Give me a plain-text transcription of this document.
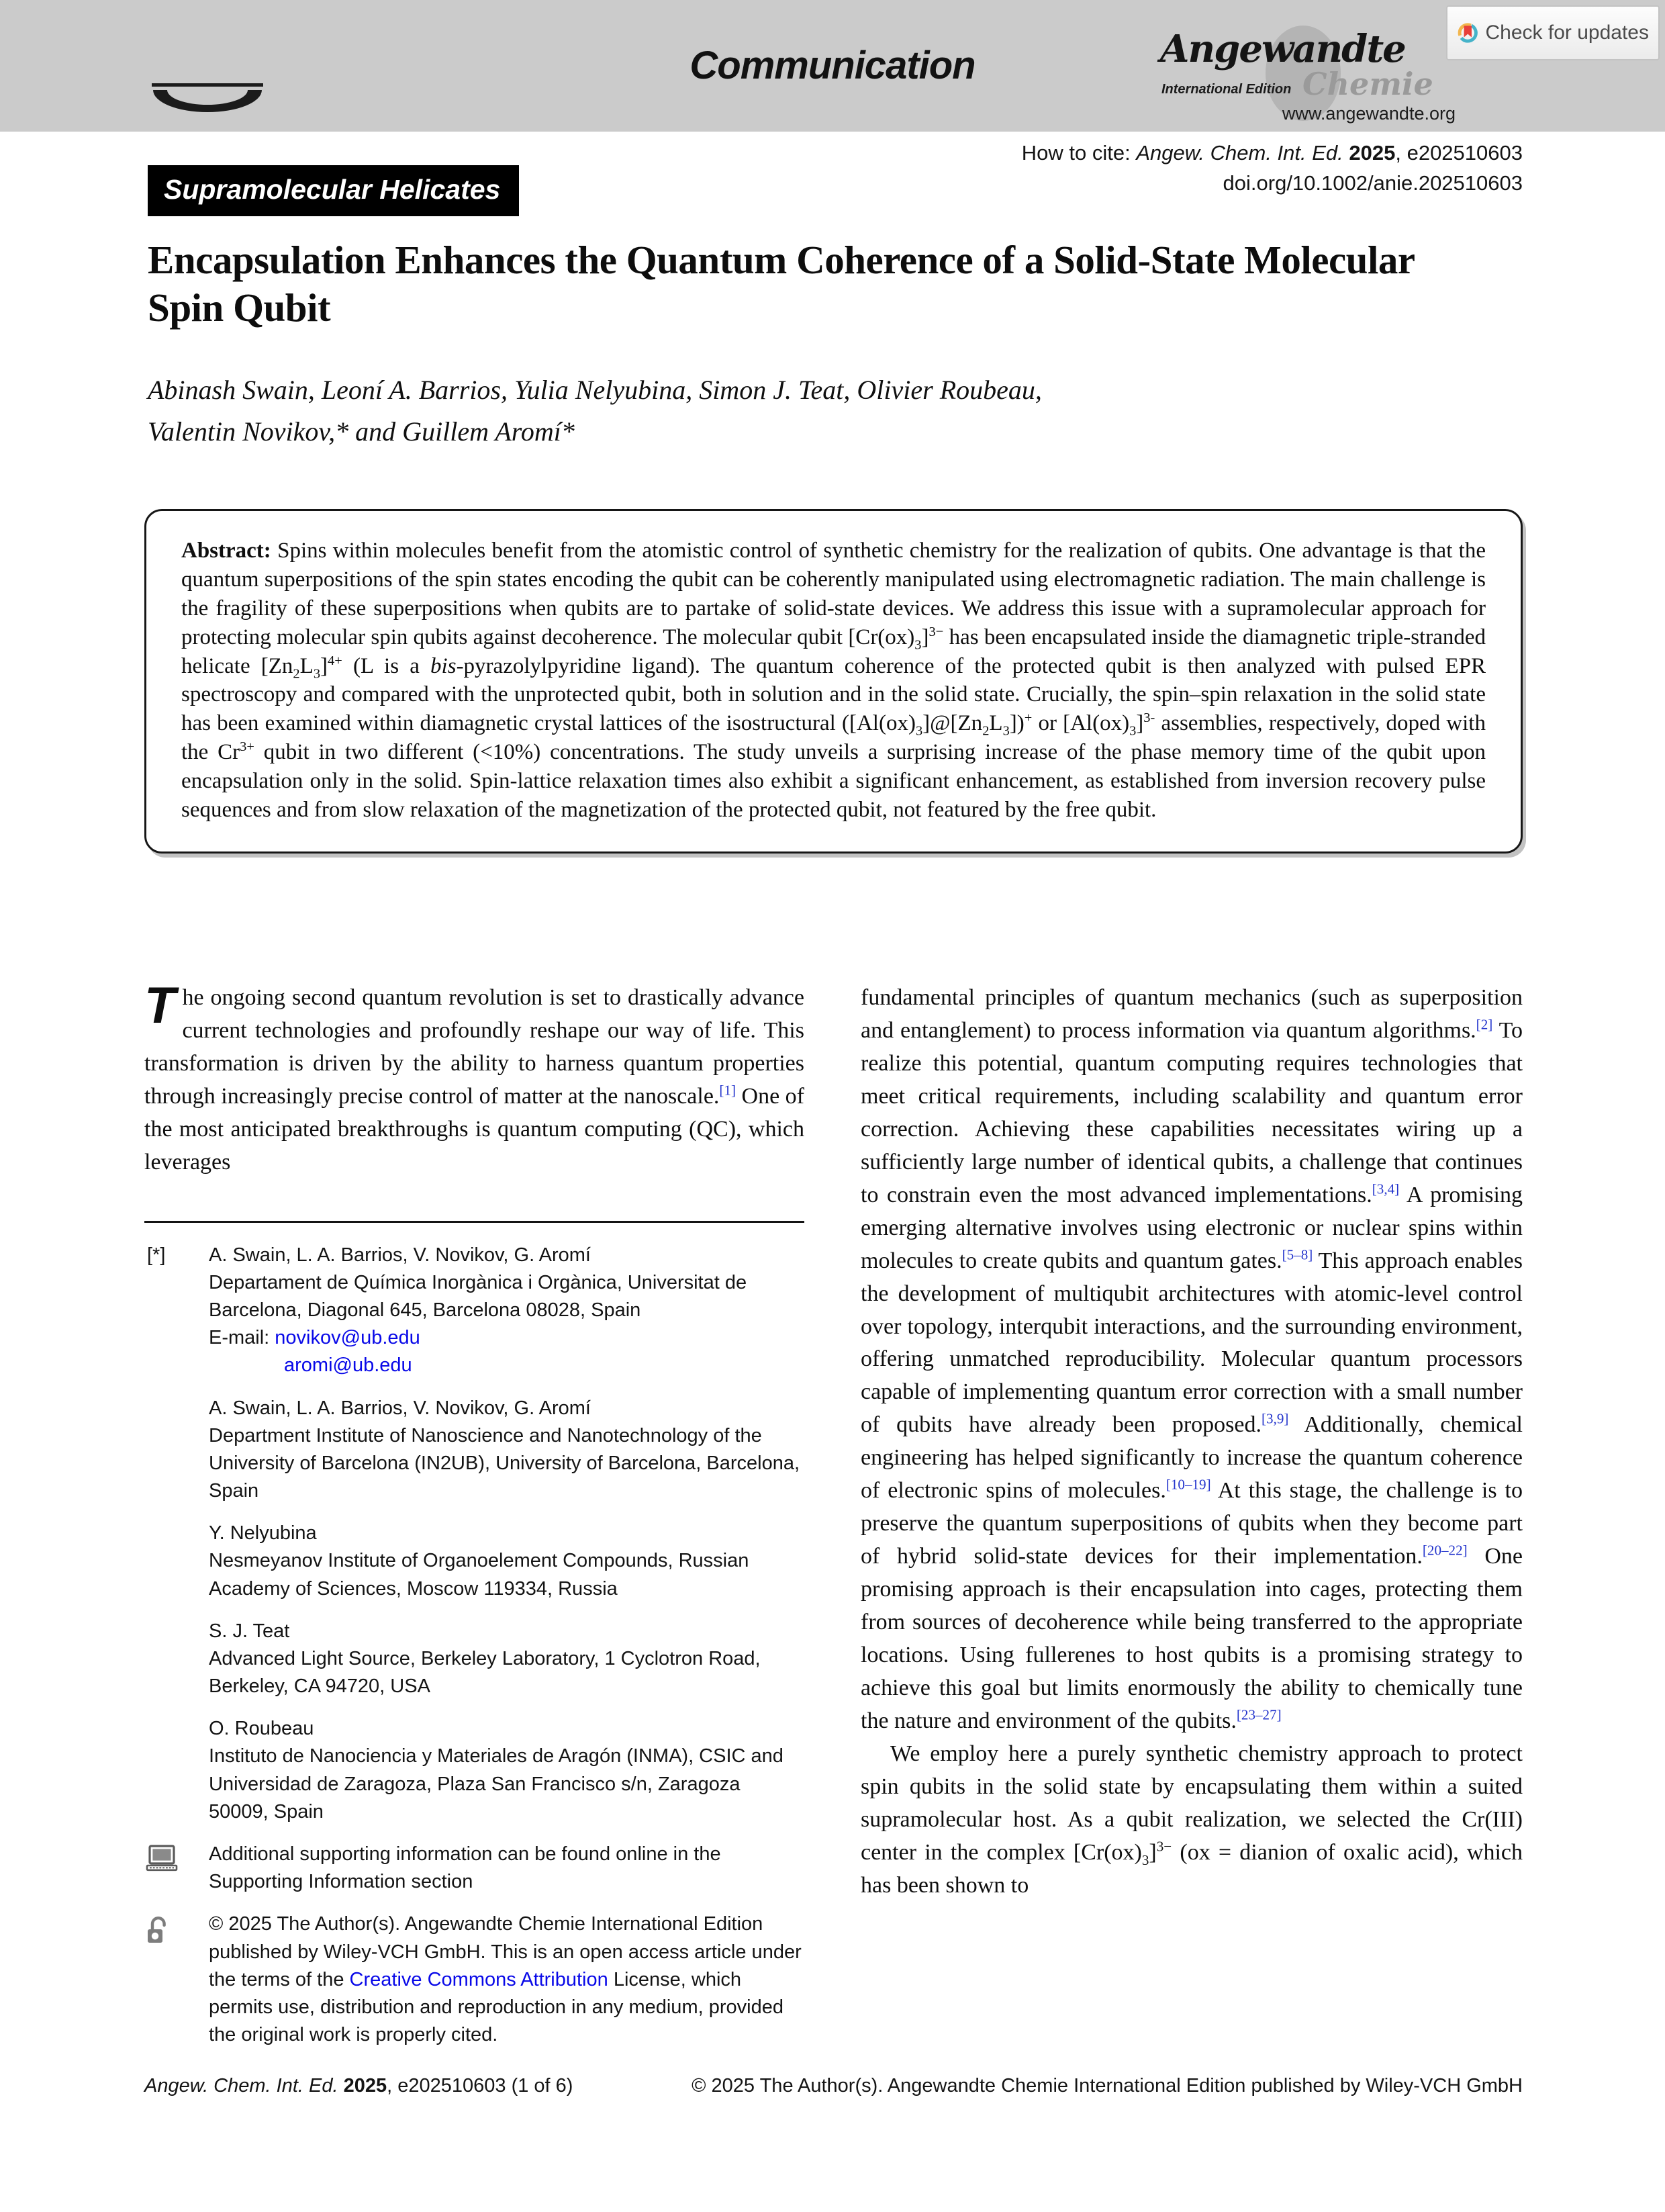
Communication	Angewandte
International Edition Chemie
www.angewandte.org
Check for updates
How to cite: Angew. Chem. Int. Ed. 2025, e202510603
doi.org/10.1002/anie.202510603
Supramolecular Helicates
Encapsulation Enhances the Quantum Coherence of a Solid-State Molecular Spin Qubit
Abinash Swain, Leoní A. Barrios, Yulia Nelyubina, Simon J. Teat, Olivier Roubeau,
Valentin Novikov,* and Guillem Aromí*
Abstract: Spins within molecules benefit from the atomistic control of synthetic chemistry for the realization of qubits. One advantage is that the quantum superpositions of the spin states encoding the qubit can be coherently manipulated using electromagnetic radiation. The main challenge is the fragility of these superpositions when qubits are to partake of solid-state devices. We address this issue with a supramolecular approach for protecting molecular spin qubits against decoherence. The molecular qubit $[Cr(ox)_3]^{3-}$ has been encapsulated inside the diamagnetic triple-stranded helicate $[Zn_2L_3]^{4+}$ (L is a bis-pyrazolylpyridine ligand). The quantum coherence of the protected qubit is then analyzed with pulsed EPR spectroscopy and compared with the unprotected qubit, both in solution and in the solid state. Crucially, the spin–spin relaxation in the solid state has been examined within diamagnetic crystal lattices of the isostructural $([Al(ox)_3]@[Zn_2L_3])^+$ or $[Al(ox)_3]^{3-}$ assemblies, respectively, doped with the $Cr^{3+}$ qubit in two different (<10%) concentrations. The study unveils a surprising increase of the phase memory time of the qubit upon encapsulation only in the solid. Spin-lattice relaxation times also exhibit a significant enhancement, as established from inversion recovery pulse sequences and from slow relaxation of the magnetization of the protected qubit, not featured by the free qubit.

The ongoing second quantum revolution is set to drastically advance current technologies and profoundly reshape our way of life. This transformation is driven by the ability to harness quantum properties through increasingly precise control of matter at the nanoscale.[1] One of the most anticipated breakthroughs is quantum computing (QC), which leverages

[*] A. Swain, L. A. Barrios, V. Novikov, G. Aromí
Departament de Química Inorgànica i Orgànica, Universitat de Barcelona, Diagonal 645, Barcelona 08028, Spain
E-mail: novikov@ub.edu
aromi@ub.edu
A. Swain, L. A. Barrios, V. Novikov, G. Aromí
Department Institute of Nanoscience and Nanotechnology of the University of Barcelona (IN2UB), University of Barcelona, Barcelona, Spain
Y. Nelyubina
Nesmeyanov Institute of Organoelement Compounds, Russian Academy of Sciences, Moscow 119334, Russia
S. J. Teat
Advanced Light Source, Berkeley Laboratory, 1 Cyclotron Road, Berkeley, CA 94720, USA
O. Roubeau
Instituto de Nanociencia y Materiales de Aragón (INMA), CSIC and Universidad de Zaragoza, Plaza San Francisco s/n, Zaragoza 50009, Spain
Additional supporting information can be found online in the Supporting Information section
© 2025 The Author(s). Angewandte Chemie International Edition published by Wiley-VCH GmbH. This is an open access article under the terms of the Creative Commons Attribution License, which permits use, distribution and reproduction in any medium, provided the original work is properly cited.

fundamental principles of quantum mechanics (such as superposition and entanglement) to process information via quantum algorithms.[2] To realize this potential, quantum computing requires technologies that meet critical requirements, including scalability and quantum error correction. Achieving these capabilities necessitates wiring up a sufficiently large number of identical qubits, a challenge that continues to constrain even the most advanced implementations.[3,4] A promising emerging alternative involves using electronic or nuclear spins within molecules to create qubits and quantum gates.[5–8] This approach enables the development of multiqubit architectures with atomic-level control over topology, interqubit interactions, and the surrounding environment, offering unmatched reproducibility. Molecular quantum processors capable of implementing quantum error correction with a small number of qubits have already been proposed.[3,9] Additionally, chemical engineering has helped significantly to increase the quantum coherence of electronic spins of molecules.[10–19] At this stage, the challenge is to preserve the quantum superpositions of qubits when they become part of hybrid solid-state devices for their implementation.[20–22] One promising approach is their encapsulation into cages, protecting them from sources of decoherence while being transferred to the appropriate locations. Using fullerenes to host qubits is a promising strategy to achieve this goal but limits enormously the ability to chemically tune the nature and environment of the qubits.[23–27]

We employ here a purely synthetic chemistry approach to protect spin qubits in the solid state by encapsulating them within a suited supramolecular host. As a qubit realization, we selected the Cr(III) center in the complex $[Cr(ox)_3]^{3-}$ (ox = dianion of oxalic acid), which has been shown to

Angew. Chem. Int. Ed. 2025, e202510603 (1 of 6)	© 2025 The Author(s). Angewandte Chemie International Edition published by Wiley-VCH GmbH
